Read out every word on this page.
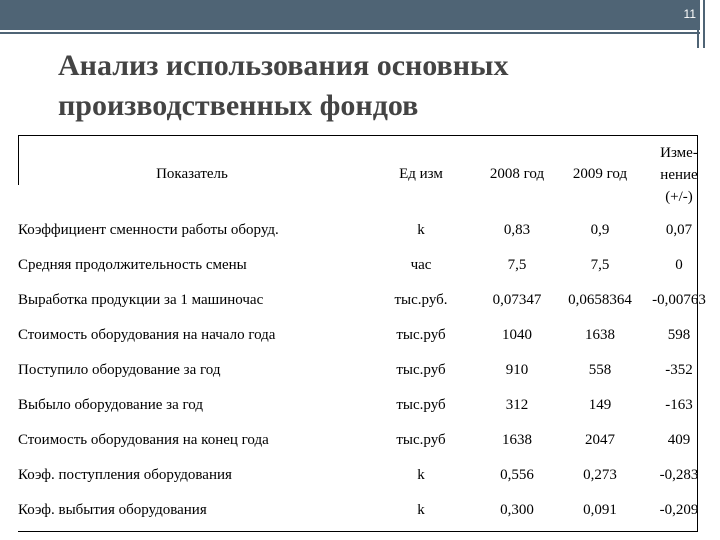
11
Анализ использования основных
производственных фондов
Показатель	Ед изм	2008 год	2009 год	Изме-
нение
(+/-)

Коэффициент сменности работы оборуд.	k	0,83	0,9	0,07
Средняя продолжительность смены	час	7,5	7,5	0
Выработка продукции за 1 машиночас	тыс.руб.	0,07347	0,0658364	-0,00763
Стоимость оборудования на начало года	тыс.руб	1040	1638	598
Поступило оборудование за год	тыс.руб	910	558	-352
Выбыло оборудование за год	тыс.руб	312	149	-163
Стоимость оборудования на конец года	тыс.руб	1638	2047	409
Коэф. поступления оборудования	k	0,556	0,273	-0,283
Коэф. выбытия оборудования	k	0,300	0,091	-0,209
